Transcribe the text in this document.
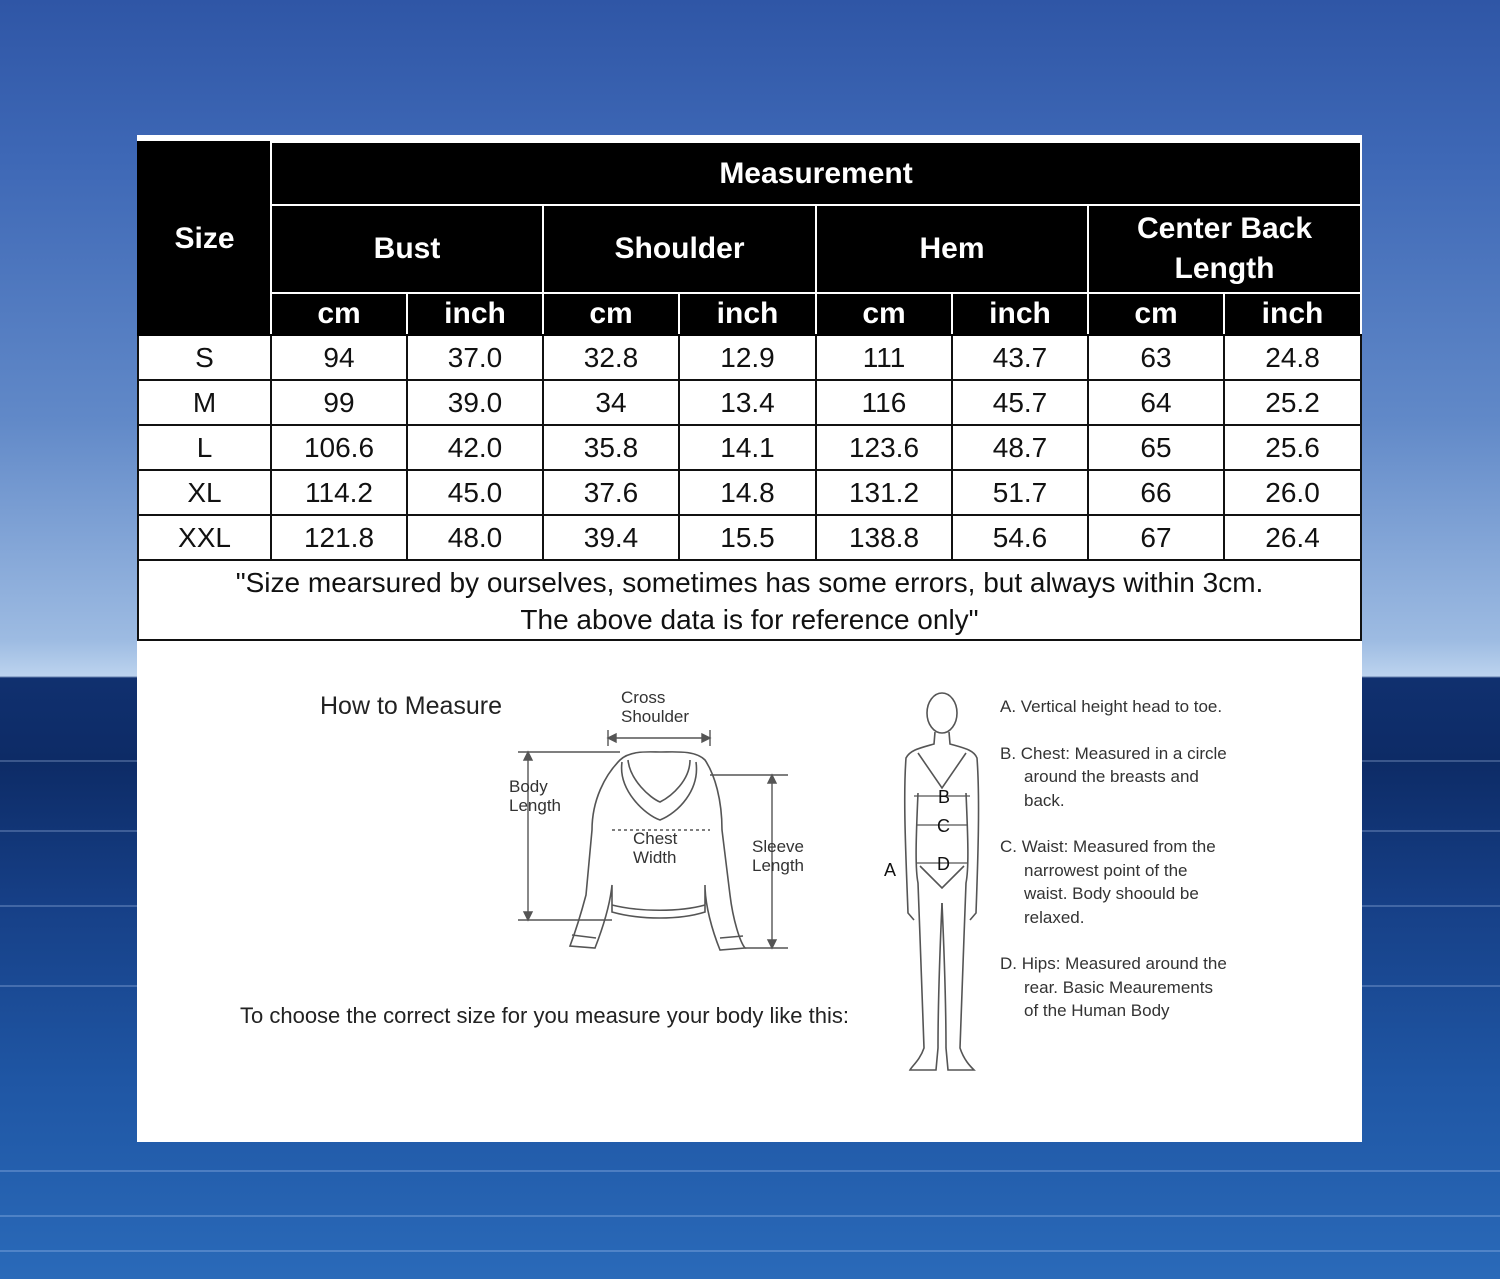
Size	Measurement							
	Bust		Shoulder		Hem		Center Back Length	
	cm	inch	cm	inch	cm	inch	cm	inch
S	94	37.0	32.8	12.9	111	43.7	63	24.8
M	99	39.0	34	13.4	116	45.7	64	25.2
L	106.6	42.0	35.8	14.1	123.6	48.7	65	25.6
XL	114.2	45.0	37.6	14.8	131.2	51.7	66	26.0
XXL	121.8	48.0	39.4	15.5	138.8	54.6	67	26.4
"Size mearsured by ourselves, sometimes has some errors, but always within 3cm.
The above data is for reference only"								
How to Measure
To choose the correct size for you measure your body like this:
Cross
Shoulder
Body
Length
Chest
Width
Sleeve
Length
B
C
D
A
A. Vertical height head to toe.
B. Chest: Measured in a circle around the breasts and back.
C. Waist: Measured from the narrowest point of the waist. Body shoould be relaxed.
D. Hips: Measured around the rear. Basic Meaurements of the Human Body
